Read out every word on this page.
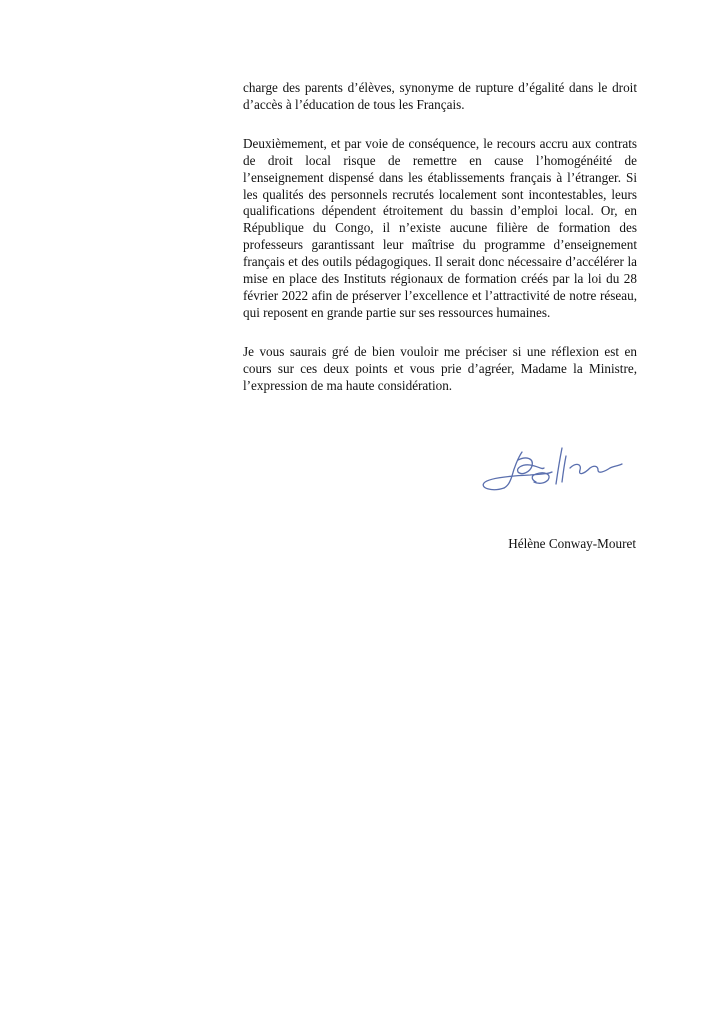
charge des parents d’élèves, synonyme de rupture d’égalité dans le droit d’accès à l’éducation de tous les Français.

Deuxièmement, et par voie de conséquence, le recours accru aux contrats de droit local risque de remettre en cause l’homogénéité de l’enseignement dispensé dans les établissements français à l’étranger. Si les qualités des personnels recrutés localement sont incontestables, leurs qualifications dépendent étroitement du bassin d’emploi local. Or, en République du Congo, il n’existe aucune filière de formation des professeurs garantissant leur maîtrise du programme d’enseignement français et des outils pédagogiques. Il serait donc nécessaire d’accélérer la mise en place des Instituts régionaux de formation créés par la loi du 28 février 2022 afin de préserver l’excellence et l’attractivité de notre réseau, qui reposent en grande partie sur ses ressources humaines.

Je vous saurais gré de bien vouloir me préciser si une réflexion est en cours sur ces deux points et vous prie d’agréer, Madame la Ministre, l’expression de ma haute considération.

Hélène Conway-Mouret
